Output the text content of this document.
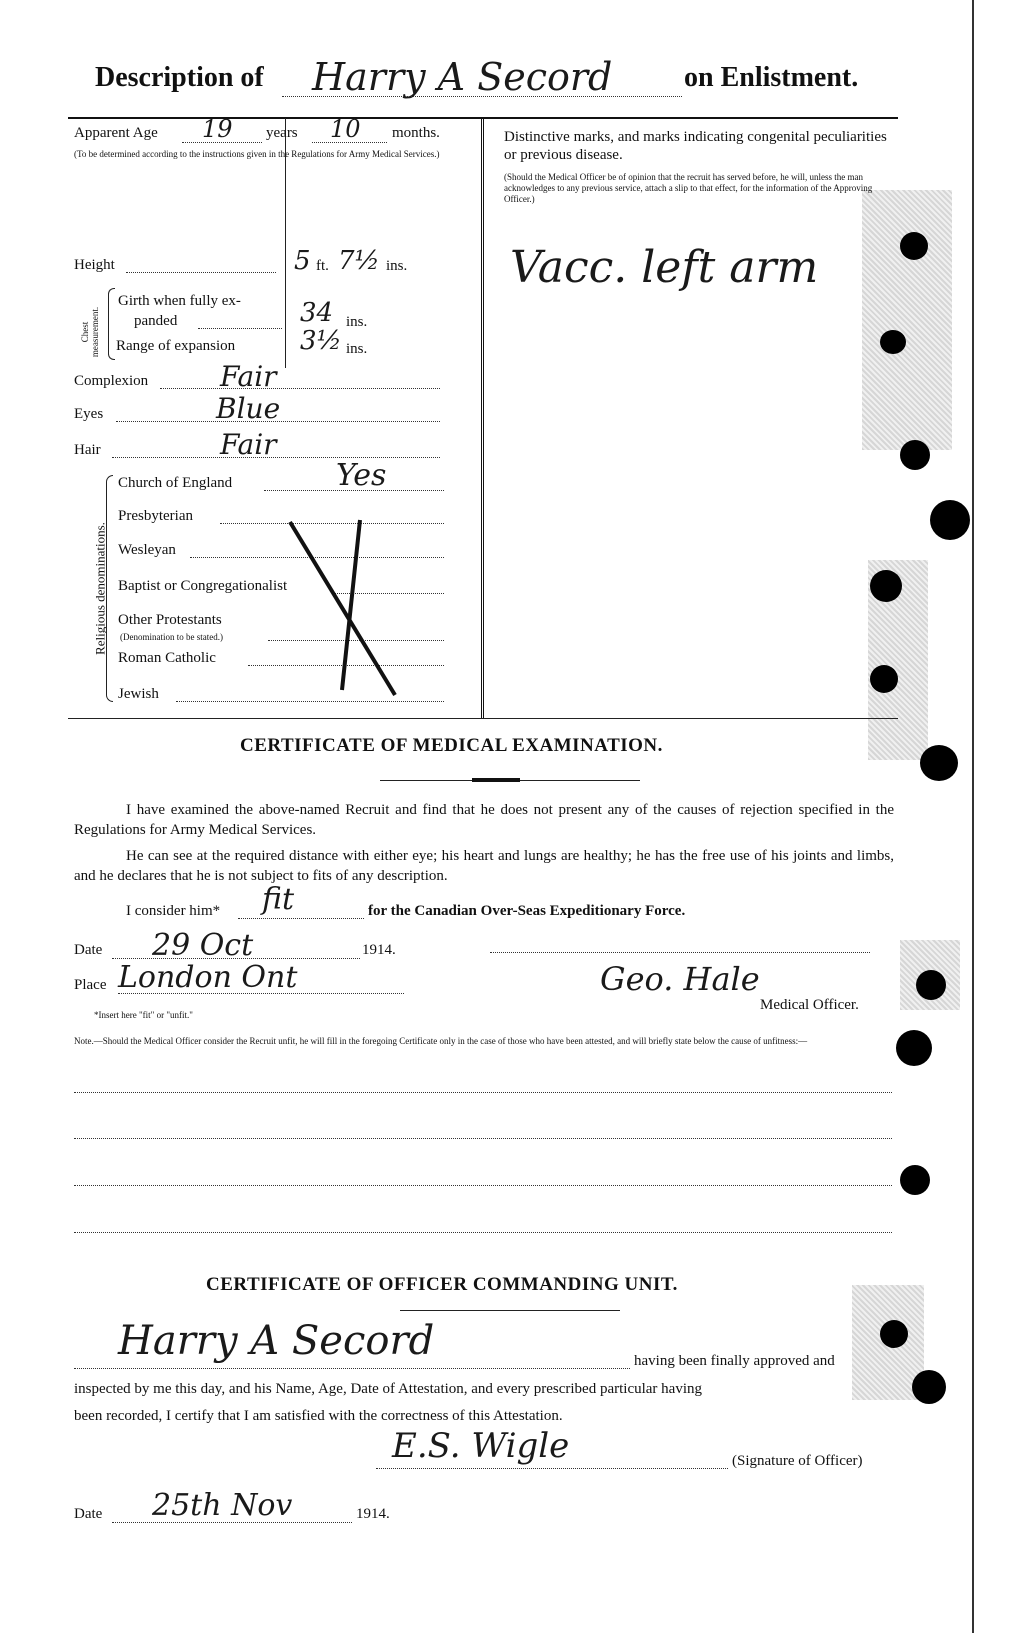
Description of Harry A Secord	on Enlistment.
Apparent Age 19 years 10 months.
(To be determined according to the instructions given in the Regulations for Army Medical Services.)
Height	5 ft. 7½ ins.
Chest measurement.
Girth when fully ex-
panded	34 ins.
Range of expansion 3½ ins.
Complexion	Fair
Eyes	Blue
Hair	Fair
Religious denominations.
Church of England	Yes
Presbyterian
Wesleyan
Baptist or Congregationalist
Other Protestants
(Denomination to be stated.)
Roman Catholic
Jewish
Distinctive marks, and marks indicating congenital peculiarities or previous disease.
(Should the Medical Officer be of opinion that the recruit has served before, he will, unless the man acknowledges to any previous service, attach a slip to that effect, for the information of the Approving Officer.)
Vacc. left arm
CERTIFICATE OF MEDICAL EXAMINATION.
I have examined the above-named Recruit and find that he does not present any of the causes of rejection specified in the Regulations for Army Medical Services.
He can see at the required distance with either eye; his heart and lungs are healthy; he has the free use of his joints and limbs, and he declares that he is not subject to fits of any description.
I consider him* fit	for the Canadian Over-Seas Expeditionary Force.
Date 29 Oct	1914.
Place London Ont	Geo. Hale
Medical Officer.
*Insert here "fit" or "unfit."
Note.—Should the Medical Officer consider the Recruit unfit, he will fill in the foregoing Certificate only in the case of those who have been attested, and will briefly state below the cause of unfitness:—
CERTIFICATE OF OFFICER COMMANDING UNIT.
Harry A Secord	having been finally approved and
inspected by me this day, and his Name, Age, Date of Attestation, and every prescribed particular having
been recorded, I certify that I am satisfied with the correctness of this Attestation.
E.S. Wigle	(Signature of Officer)
Date 25th Nov	1914.
